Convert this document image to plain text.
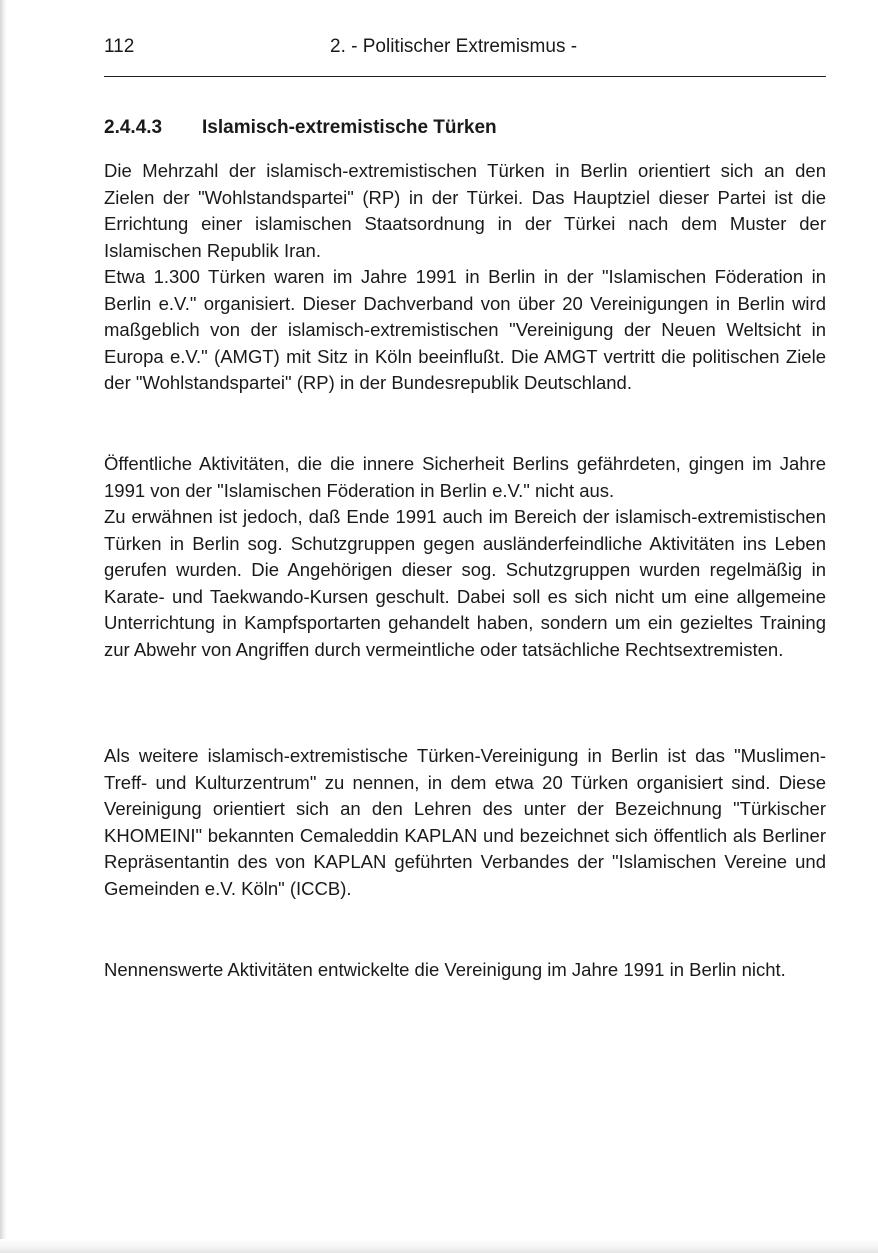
112	2. - Politischer Extremismus -
2.4.4.3 Islamisch-extremistische Türken

Die Mehrzahl der islamisch-extremistischen Türken in Berlin orientiert sich an den Zielen der "Wohlstandspartei" (RP) in der Türkei. Das Hauptziel dieser Partei ist die Errichtung einer islamischen Staatsordnung in der Türkei nach dem Muster der Islamischen Republik Iran.

Etwa 1.300 Türken waren im Jahre 1991 in Berlin in der "Islamischen Föderation in Berlin e.V." organisiert. Dieser Dachverband von über 20 Vereinigungen in Berlin wird maßgeblich von der islamisch-extremistischen "Vereinigung der Neuen Weltsicht in Europa e.V." (AMGT) mit Sitz in Köln beeinflußt. Die AMGT vertritt die politischen Ziele der "Wohlstandspartei" (RP) in der Bundesrepublik Deutschland.

Öffentliche Aktivitäten, die die innere Sicherheit Berlins gefährdeten, gingen im Jahre 1991 von der "Islamischen Föderation in Berlin e.V." nicht aus.

Zu erwähnen ist jedoch, daß Ende 1991 auch im Bereich der islamisch-extremistischen Türken in Berlin sog. Schutzgruppen gegen ausländerfeindliche Aktivitäten ins Leben gerufen wurden. Die Angehörigen dieser sog. Schutzgruppen wurden regelmäßig in Karate- und Taekwando-Kursen geschult. Dabei soll es sich nicht um eine allgemeine Unterrichtung in Kampfsportarten gehandelt haben, sondern um ein gezieltes Training zur Abwehr von Angriffen durch vermeintliche oder tatsächliche Rechtsextremisten.

Als weitere islamisch-extremistische Türken-Vereinigung in Berlin ist das "Muslimen-Treff- und Kulturzentrum" zu nennen, in dem etwa 20 Türken organisiert sind. Diese Vereinigung orientiert sich an den Lehren des unter der Bezeichnung "Türkischer KHOMEINI" bekannten Cemaleddin KAPLAN und bezeichnet sich öffentlich als Berliner Repräsentantin des von KAPLAN geführten Verbandes der "Islamischen Vereine und Gemeinden e.V. Köln" (ICCB).

Nennenswerte Aktivitäten entwickelte die Vereinigung im Jahre 1991 in Berlin nicht.
